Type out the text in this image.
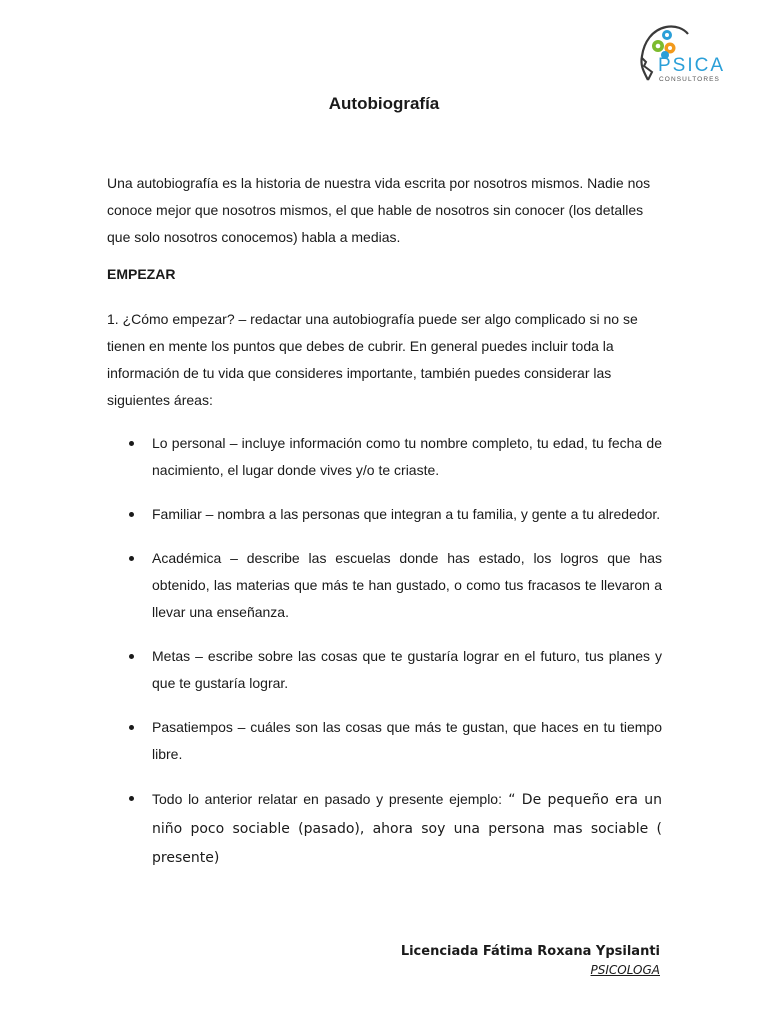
PSICA
CONSULTORES
Autobiografía

Una autobiografía es la historia de nuestra vida escrita por nosotros mismos. Nadie nos conoce mejor que nosotros mismos, el que hable de nosotros sin conocer (los detalles que solo nosotros conocemos) habla a medias.

EMPEZAR

1. ¿Cómo empezar? – redactar una autobiografía puede ser algo complicado si no se tienen en mente los puntos que debes de cubrir. En general puedes incluir toda la información de tu vida que consideres importante, también puedes considerar las siguientes áreas:

Lo personal – incluye información como tu nombre completo, tu edad, tu fecha de nacimiento, el lugar donde vives y/o te criaste.
Familiar – nombra a las personas que integran a tu familia, y gente a tu alrededor.
Académica – describe las escuelas donde has estado, los logros que has obtenido, las materias que más te han gustado, o como tus fracasos te llevaron a llevar una enseñanza.
Metas – escribe sobre las cosas que te gustaría lograr en el futuro, tus planes y que te gustaría lograr.
Pasatiempos – cuáles son las cosas que más te gustan, que haces en tu tiempo libre.
Todo lo anterior relatar en pasado y presente ejemplo: “ De pequeño era un niño poco sociable (pasado), ahora soy una persona mas sociable ( presente)
Licenciada Fátima Roxana Ypsilanti
PSICOLOGA
